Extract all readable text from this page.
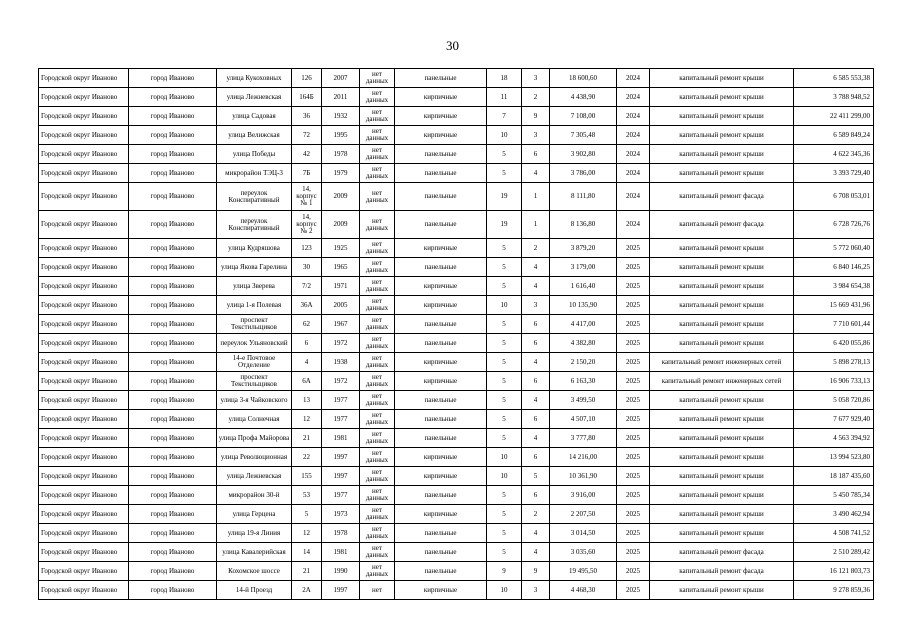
30
Городской округ Иваново	город Иваново	улица Кукоховных	126	2007	нет данных	панельные	18	3	18 600,60	2024	капитальный ремонт крыши	6 585 553,38
Городской округ Иваново	город Иваново	улица Лежневская	164Б	2011	нет данных	кирпичные	11	2	4 438,90	2024	капитальный ремонт крыши	3 788 948,52
Городской округ Иваново	город Иваново	улица Садовая	36	1932	нет данных	кирпичные	7	9	7 108,00	2024	капитальный ремонт крыши	22 411 299,00
Городской округ Иваново	город Иваново	улица Велижская	72	1995	нет данных	кирпичные	10	3	7 305,48	2024	капитальный ремонт крыши	6 589 849,24
Городской округ Иваново	город Иваново	улица Победы	42	1978	нет данных	панельные	5	6	3 902,80	2024	капитальный ремонт крыши	4 622 345,36
Городской округ Иваново	город Иваново	микрорайон ТЭЦ-3	7Б	1979	нет данных	панельные	5	4	3 786,00	2024	капитальный ремонт крыши	3 393 729,40
Городской округ Иваново	город Иваново	переулок Конспиративный	14, корпус № 1	2009	нет данных	панельные	19	1	8 111,80	2024	капитальный ремонт фасада	6 708 053,01
Городской округ Иваново	город Иваново	переулок Конспиративный	14, корпус № 2	2009	нет данных	панельные	19	1	8 136,80	2024	капитальный ремонт фасада	6 728 726,76
Городской округ Иваново	город Иваново	улица Кудряшова	123	1925	нет данных	кирпичные	5	2	3 879,20	2025	капитальный ремонт крыши	5 772 060,40
Городской округ Иваново	город Иваново	улица Якова Гарелина	30	1965	нет данных	панельные	5	4	3 179,00	2025	капитальный ремонт крыши	6 840 146,25
Городской округ Иваново	город Иваново	улица Зверева	7/2	1971	нет данных	кирпичные	5	4	1 616,40	2025	капитальный ремонт крыши	3 984 654,38
Городской округ Иваново	город Иваново	улица 1-я Полевая	36А	2005	нет данных	кирпичные	10	3	10 135,90	2025	капитальный ремонт крыши	15 669 431,96
Городской округ Иваново	город Иваново	проспект Текстильщиков	62	1967	нет данных	панельные	5	6	4 417,00	2025	капитальный ремонт крыши	7 710 601,44
Городской округ Иваново	город Иваново	переулок Ульяновский	6	1972	нет данных	панельные	5	6	4 382,80	2025	капитальный ремонт крыши	6 420 055,86
Городской округ Иваново	город Иваново	14-е Почтовое Отделение	4	1938	нет данных	кирпичные	5	4	2 150,20	2025	капитальный ремонт инженерных сетей	5 898 278,13
Городской округ Иваново	город Иваново	проспект Текстильщиков	6А	1972	нет данных	кирпичные	5	6	6 163,30	2025	капитальный ремонт инженерных сетей	16 906 733,13
Городской округ Иваново	город Иваново	улица 3-я Чайковского	13	1977	нет данных	панельные	5	4	3 499,50	2025	капитальный ремонт крыши	5 058 720,86
Городской округ Иваново	город Иваново	улица Солнечная	12	1977	нет данных	панельные	5	6	4 507,10	2025	капитальный ремонт крыши	7 677 929,40
Городской округ Иваново	город Иваново	улица Профа Майорова	21	1981	нет данных	панельные	5	4	3 777,80	2025	капитальный ремонт крыши	4 563 394,92
Городской округ Иваново	город Иваново	улица Революционная	22	1997	нет данных	кирпичные	10	6	14 216,00	2025	капитальный ремонт крыши	13 994 523,80
Городской округ Иваново	город Иваново	улица Лежневская	155	1997	нет данных	кирпичные	10	5	10 361,90	2025	капитальный ремонт крыши	18 187 435,60
Городской округ Иваново	город Иваново	микрорайон 30-й	53	1977	нет данных	панельные	5	6	3 916,00	2025	капитальный ремонт крыши	5 450 785,34
Городской округ Иваново	город Иваново	улица Герцена	5	1973	нет данных	кирпичные	5	2	2 207,50	2025	капитальный ремонт крыши	3 490 462,94
Городской округ Иваново	город Иваново	улица 19-я Линия	12	1978	нет данных	панельные	5	4	3 014,50	2025	капитальный ремонт крыши	4 508 741,52
Городской округ Иваново	город Иваново	улица Кавалерийская	14	1981	нет данных	панельные	5	4	3 035,60	2025	капитальный ремонт фасада	2 510 289,42
Городской округ Иваново	город Иваново	Кохомское шоссе	21	1990	нет данных	панельные	9	9	19 495,50	2025	капитальный ремонт фасада	16 121 803,73
Городской округ Иваново	город Иваново	14-й Проезд	2А	1997	нет	кирпичные	10	3	4 468,30	2025	капитальный ремонт крыши	9 278 859,36
